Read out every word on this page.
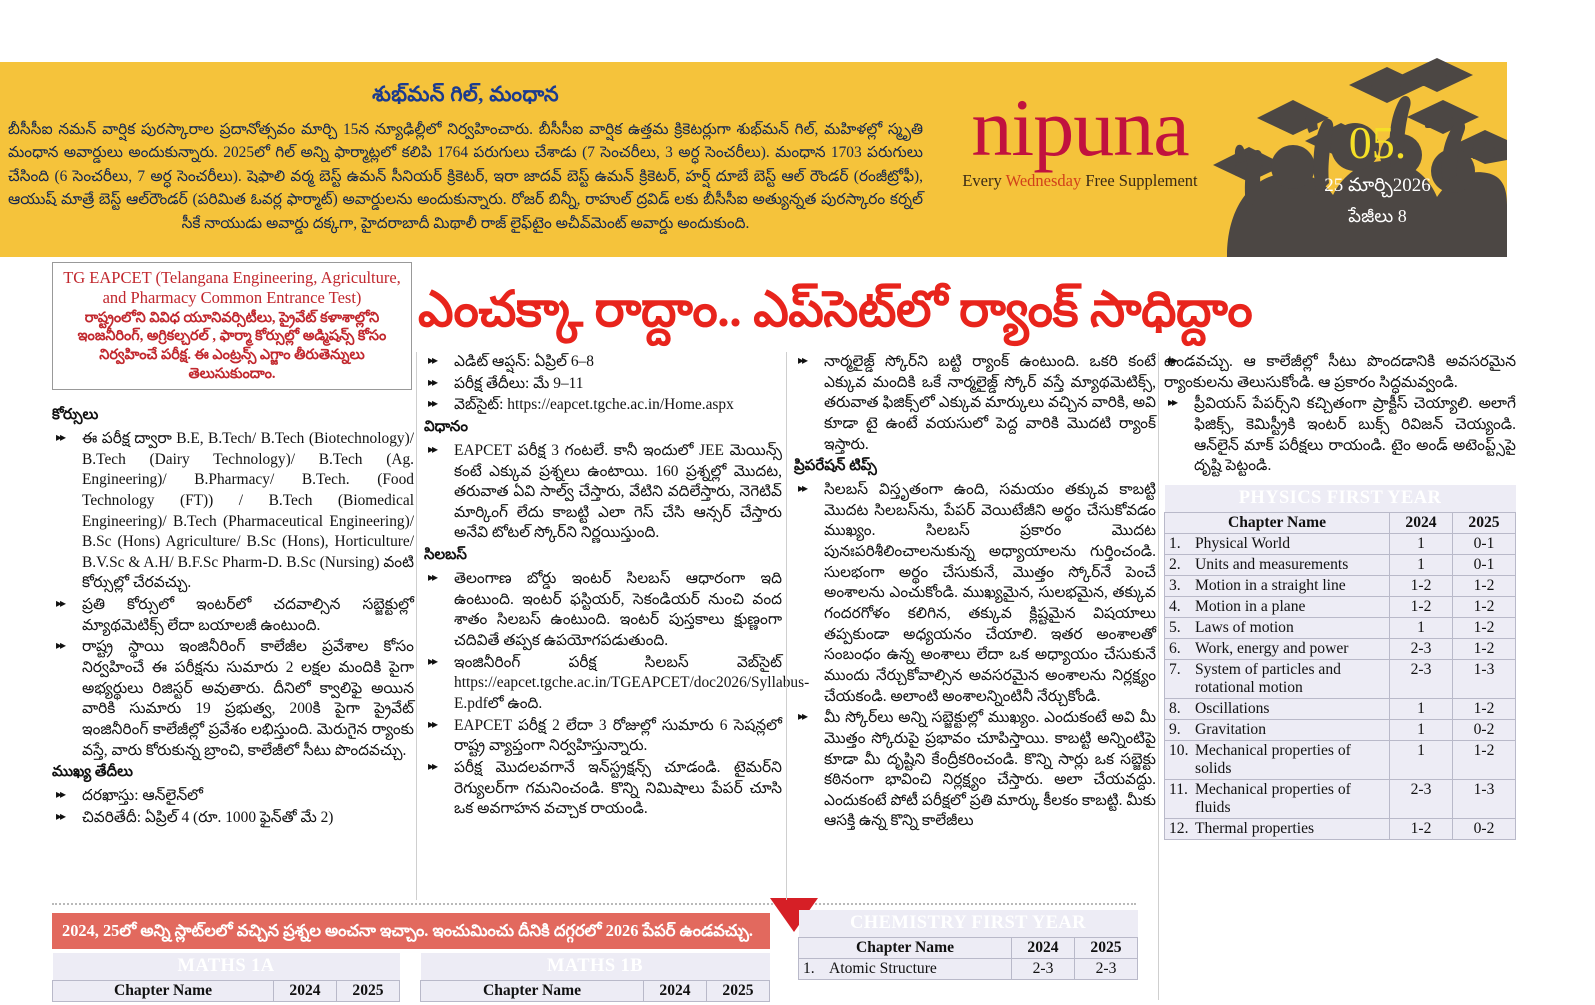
శుభ్‌మన్ గిల్, మంధాన
బీసీసీఐ నమన్ వార్షిక పురస్కారాల ప్రదానోత్సవం మార్చి 15న న్యూఢిల్లీలో నిర్వహించారు. బీసీసీఐ వార్షిక ఉత్తమ క్రికెటర్లుగా శుభ్‌మన్ గిల్, మహిళల్లో స్మృతి మంధాన అవార్డులు అందుకున్నారు. 2025లో గిల్ అన్ని ఫార్మాట్లలో కలిపి 1764 పరుగులు చేశాడు (7 సెంచరీలు, 3 అర్ధ సెంచరీలు). మంధాన 1703 పరుగులు చేసింది (6 సెంచరీలు, 7 అర్ధ సెంచరీలు). షెఫాలి వర్మ బెస్ట్ ఉమన్ సీనియర్ క్రికెటర్, ఇరా జాదవ్ బెస్ట్ ఉమన్ క్రికెటర్, హర్ష్ దూబే బెస్ట్ ఆల్ రౌండర్ (రంజీట్రోఫీ), ఆయుష్ మాత్రే బెస్ట్ ఆల్‌రౌండర్ (పరిమిత ఓవర్ల ఫార్మాట్) అవార్డులను అందుకున్నారు. రోజర్ బిన్నీ, రాహుల్ ద్రవిడ్ లకు బీసీసీఐ అత్యున్నత పురస్కారం కర్నల్ సీకే నాయుడు అవార్డు దక్కగా, హైదరాబాదీ మిథాలీ రాజ్ లైఫ్‌టైం అచీవ్‌మెంట్ అవార్డు అందుకుంది.
nipuna
Every Wednesday Free Supplement
05.
25 మార్చి2026
పేజీలు 8
ఎంచక్కా రాద్దాం.. ఎప్‌సెట్‌లో ర్యాంక్ సాధిద్దాం
TG EAPCET (Telangana Engineering, Agriculture, and Pharmacy Common Entrance Test)
రాష్ట్రంలోని వివిధ యూనివర్సిటీలు, ప్రైవేట్ కళాశాల్లోని ఇంజనీరింగ్, అగ్రికల్చరల్ , ఫార్మా కోర్సుల్లో అడ్మిషన్స్ కోసం నిర్వహించే పరీక్ష. ఈ ఎంట్రన్స్ ఎగ్జాం తీరుతెన్నులు తెలుసుకుందాం.
కోర్సులు
▸▸ ఈ పరీక్ష ద్వారా B.E, B.Tech/ B.Tech (Biotechnology)/ B.Tech (Dairy Technology)/ B.Tech (Ag. Engineering)/ B.Pharmacy/ B.Tech. (Food Technology (FT)) / B.Tech (Biomedical Engineering)/ B.Tech (Pharmaceutical Engineering)/ B.Sc (Hons) Agriculture/ B.Sc (Hons), Horticulture/ B.V.Sc & A.H/ B.F.Sc Pharm-D. B.Sc (Nursing) వంటి కోర్సుల్లో చేరవచ్చు.
▸▸ ప్రతి కోర్సులో ఇంటర్‌లో చదవాల్సిన సబ్జెక్టుల్లో మ్యాథమెటిక్స్ లేదా బయాలజీ ఉంటుంది.
▸▸ రాష్ట్ర స్థాయి ఇంజినీరింగ్ కాలేజీల ప్రవేశాల కోసం నిర్వహించే ఈ పరీక్షను సుమారు 2 లక్షల మందికి పైగా అభ్యర్థులు రిజిస్టర్ అవుతారు. దీనిలో క్వాలిఫై అయిన వారికి సుమారు 19 ప్రభుత్వ, 200కి పైగా ప్రైవేట్ ఇంజినీరింగ్ కాలేజీల్లో ప్రవేశం లభిస్తుంది. మెరుగైన ర్యాంకు వస్తే, వారు కోరుకున్న బ్రాంచి, కాలేజీలో సీటు పొందవచ్చు.
ముఖ్య తేదీలు
▸▸ దరఖాస్తు: ఆన్‌లైన్‌లో
▸▸ చివరితేదీ: ఏప్రిల్ 4 (రూ. 1000 ఫైన్‌తో మే 2)
▸▸ ఎడిట్ ఆప్షన్: ఏప్రిల్ 6–8
▸▸ పరీక్ష తేదీలు: మే 9–11
▸▸ వెబ్‌సైట్: https://eapcet.tgche.ac.in/Home.aspx
విధానం
▸▸ EAPCET పరీక్ష 3 గంటలే. కానీ ఇందులో JEE మెయిన్స్ కంటే ఎక్కువ ప్రశ్నలు ఉంటాయి. 160 ప్రశ్నల్లో మొదట, తరువాత ఏవి సాల్వ్ చేస్తారు, వేటిని వదిలేస్తారు, నెగెటివ్ మార్కింగ్ లేదు కాబట్టి ఎలా గెస్ చేసి ఆన్సర్ చేస్తారు అనేవి టోటల్ స్కోర్‌ని నిర్ణయిస్తుంది.
సిలబస్
▸▸ తెలంగాణ బోర్డు ఇంటర్ సిలబస్ ఆధారంగా ఇది ఉంటుంది. ఇంటర్ ఫస్టియర్, సెకండియర్ నుంచి వంద శాతం సిలబస్ ఉంటుంది. ఇంటర్ పుస్తకాలు క్షుణ్ణంగా చదివితే తప్పక ఉపయోగపడుతుంది.
▸▸ ఇంజినీరింగ్ పరీక్ష సిలబస్ వెబ్‌సైట్ https://eapcet.tgche.ac.in/TGEAPCET/doc2026/Syllabus-E.pdfలో ఉంది.
▸▸ EAPCET పరీక్ష 2 లేదా 3 రోజుల్లో సుమారు 6 సెషన్లలో రాష్ట్ర వ్యాప్తంగా నిర్వహిస్తున్నారు.
▸▸ పరీక్ష మొదలవగానే ఇన్‌స్ట్రక్షన్స్ చూడండి. టైమర్‌ని రెగ్యులర్‌గా గమనించండి. కొన్ని నిమిషాలు పేపర్ చూసి ఒక అవగాహన వచ్చాక రాయండి.
▸▸ నార్మలైజ్డ్ స్కోర్‌ని బట్టి ర్యాంక్ ఉంటుంది. ఒకరి కంటే ఎక్కువ మందికి ఒకే నార్మలైజ్డ్ స్కోర్ వస్తే మ్యాథమెటిక్స్, తరువాత ఫిజిక్స్‌లో ఎక్కువ మార్కులు వచ్చిన వారికి, అవి కూడా టై ఉంటే వయసులో పెద్ద వారికి మొదటి ర్యాంక్ ఇస్తారు.
ప్రిపరేషన్ టిప్స్
▸▸ సిలబస్ విస్తృతంగా ఉంది, సమయం తక్కువ కాబట్టి మొదట సిలబస్‌ను, పేపర్ వెయిటేజీని అర్థం చేసుకోవడం ముఖ్యం. సిలబస్ ప్రకారం మొదట పునఃపరిశీలించాలనుకున్న అధ్యాయాలను గుర్తించండి. సులభంగా అర్థం చేసుకునే, మొత్తం స్కోర్‌నే పెంచే అంశాలను ఎంచుకోండి. ముఖ్యమైన, సులభమైన, తక్కువ గందరగోళం కలిగిన, తక్కువ క్లిష్టమైన విషయాలు తప్పకుండా అధ్యయనం చేయాలి. ఇతర అంశాలతో సంబంధం ఉన్న అంశాలు లేదా ఒక అధ్యాయం చేసుకునే ముందు నేర్చుకోవాల్సిన అవసరమైన అంశాలను నిర్లక్ష్యం చేయకండి. అలాంటి అంశాలన్నింటినీ నేర్చుకోండి.
▸▸ మీ స్కోర్‌లు అన్ని సబ్జెక్టుల్లో ముఖ్యం. ఎందుకంటే అవి మీ మొత్తం స్కోరుపై ప్రభావం చూపిస్తాయి. కాబట్టి అన్నింటిపై కూడా మీ దృష్టిని కేంద్రీకరించండి. కొన్ని సార్లు ఒక సబ్జెక్టు కఠినంగా భావించి నిర్లక్ష్యం చేస్తారు. అలా చేయవద్దు. ఎందుకంటే పోటీ పరీక్షలో ప్రతి మార్కు కీలకం కాబట్టి. మీకు ఆసక్తి ఉన్న కొన్ని కాలేజీలు
▸▸ ఉండవచ్చు. ఆ కాలేజీల్లో సీటు పొందడానికి అవసరమైన ర్యాంకులను తెలుసుకోండి. ఆ ప్రకారం సిద్ధమవ్వండి.
▸▸ ప్రీవియస్ పేపర్స్‌ని కచ్చితంగా ప్రాక్టీస్ చెయ్యాలి. అలాగే ఫిజిక్స్, కెమిస్ట్రీకి ఇంటర్ బుక్స్ రివిజన్ చెయ్యండి. ఆన్‌లైన్ మాక్ పరీక్షలు రాయండి. టైం అండ్ అటెంప్ట్స్‌పై దృష్టి పెట్టండి.
PHYSICS FIRST YEAR		
Chapter Name	2024	2025

1. Physical World	1	0-1

2. Units and measurements	1	0-1

3. Motion in a straight line	1-2	1-2

4. Motion in a plane	1-2	1-2

5. Laws of motion	1	1-2

6. Work, energy and power	2-3	1-2

7. System of particles and rotational motion	2-3	1-3

8. Oscillations	1	1-2

9. Gravitation	1	0-2

10. Mechanical properties of solids	1	1-2

11. Mechanical properties of fluids	2-3	1-3

12. Thermal properties	1-2	0-2
2024, 25లో అన్ని స్లాట్‌లలో వచ్చిన ప్రశ్నల అంచనా ఇచ్చాం. ఇంచుమించు దీనికి దగ్గరలో 2026 పేపర్ ఉండవచ్చు.
MATHS 1A
Chapter Name	2024	2025
MATHS 1B
Chapter Name	2024	2025
CHEMISTRY FIRST YEAR		
Chapter Name	2024	2025

1. Atomic Structure	2-3	2-3
